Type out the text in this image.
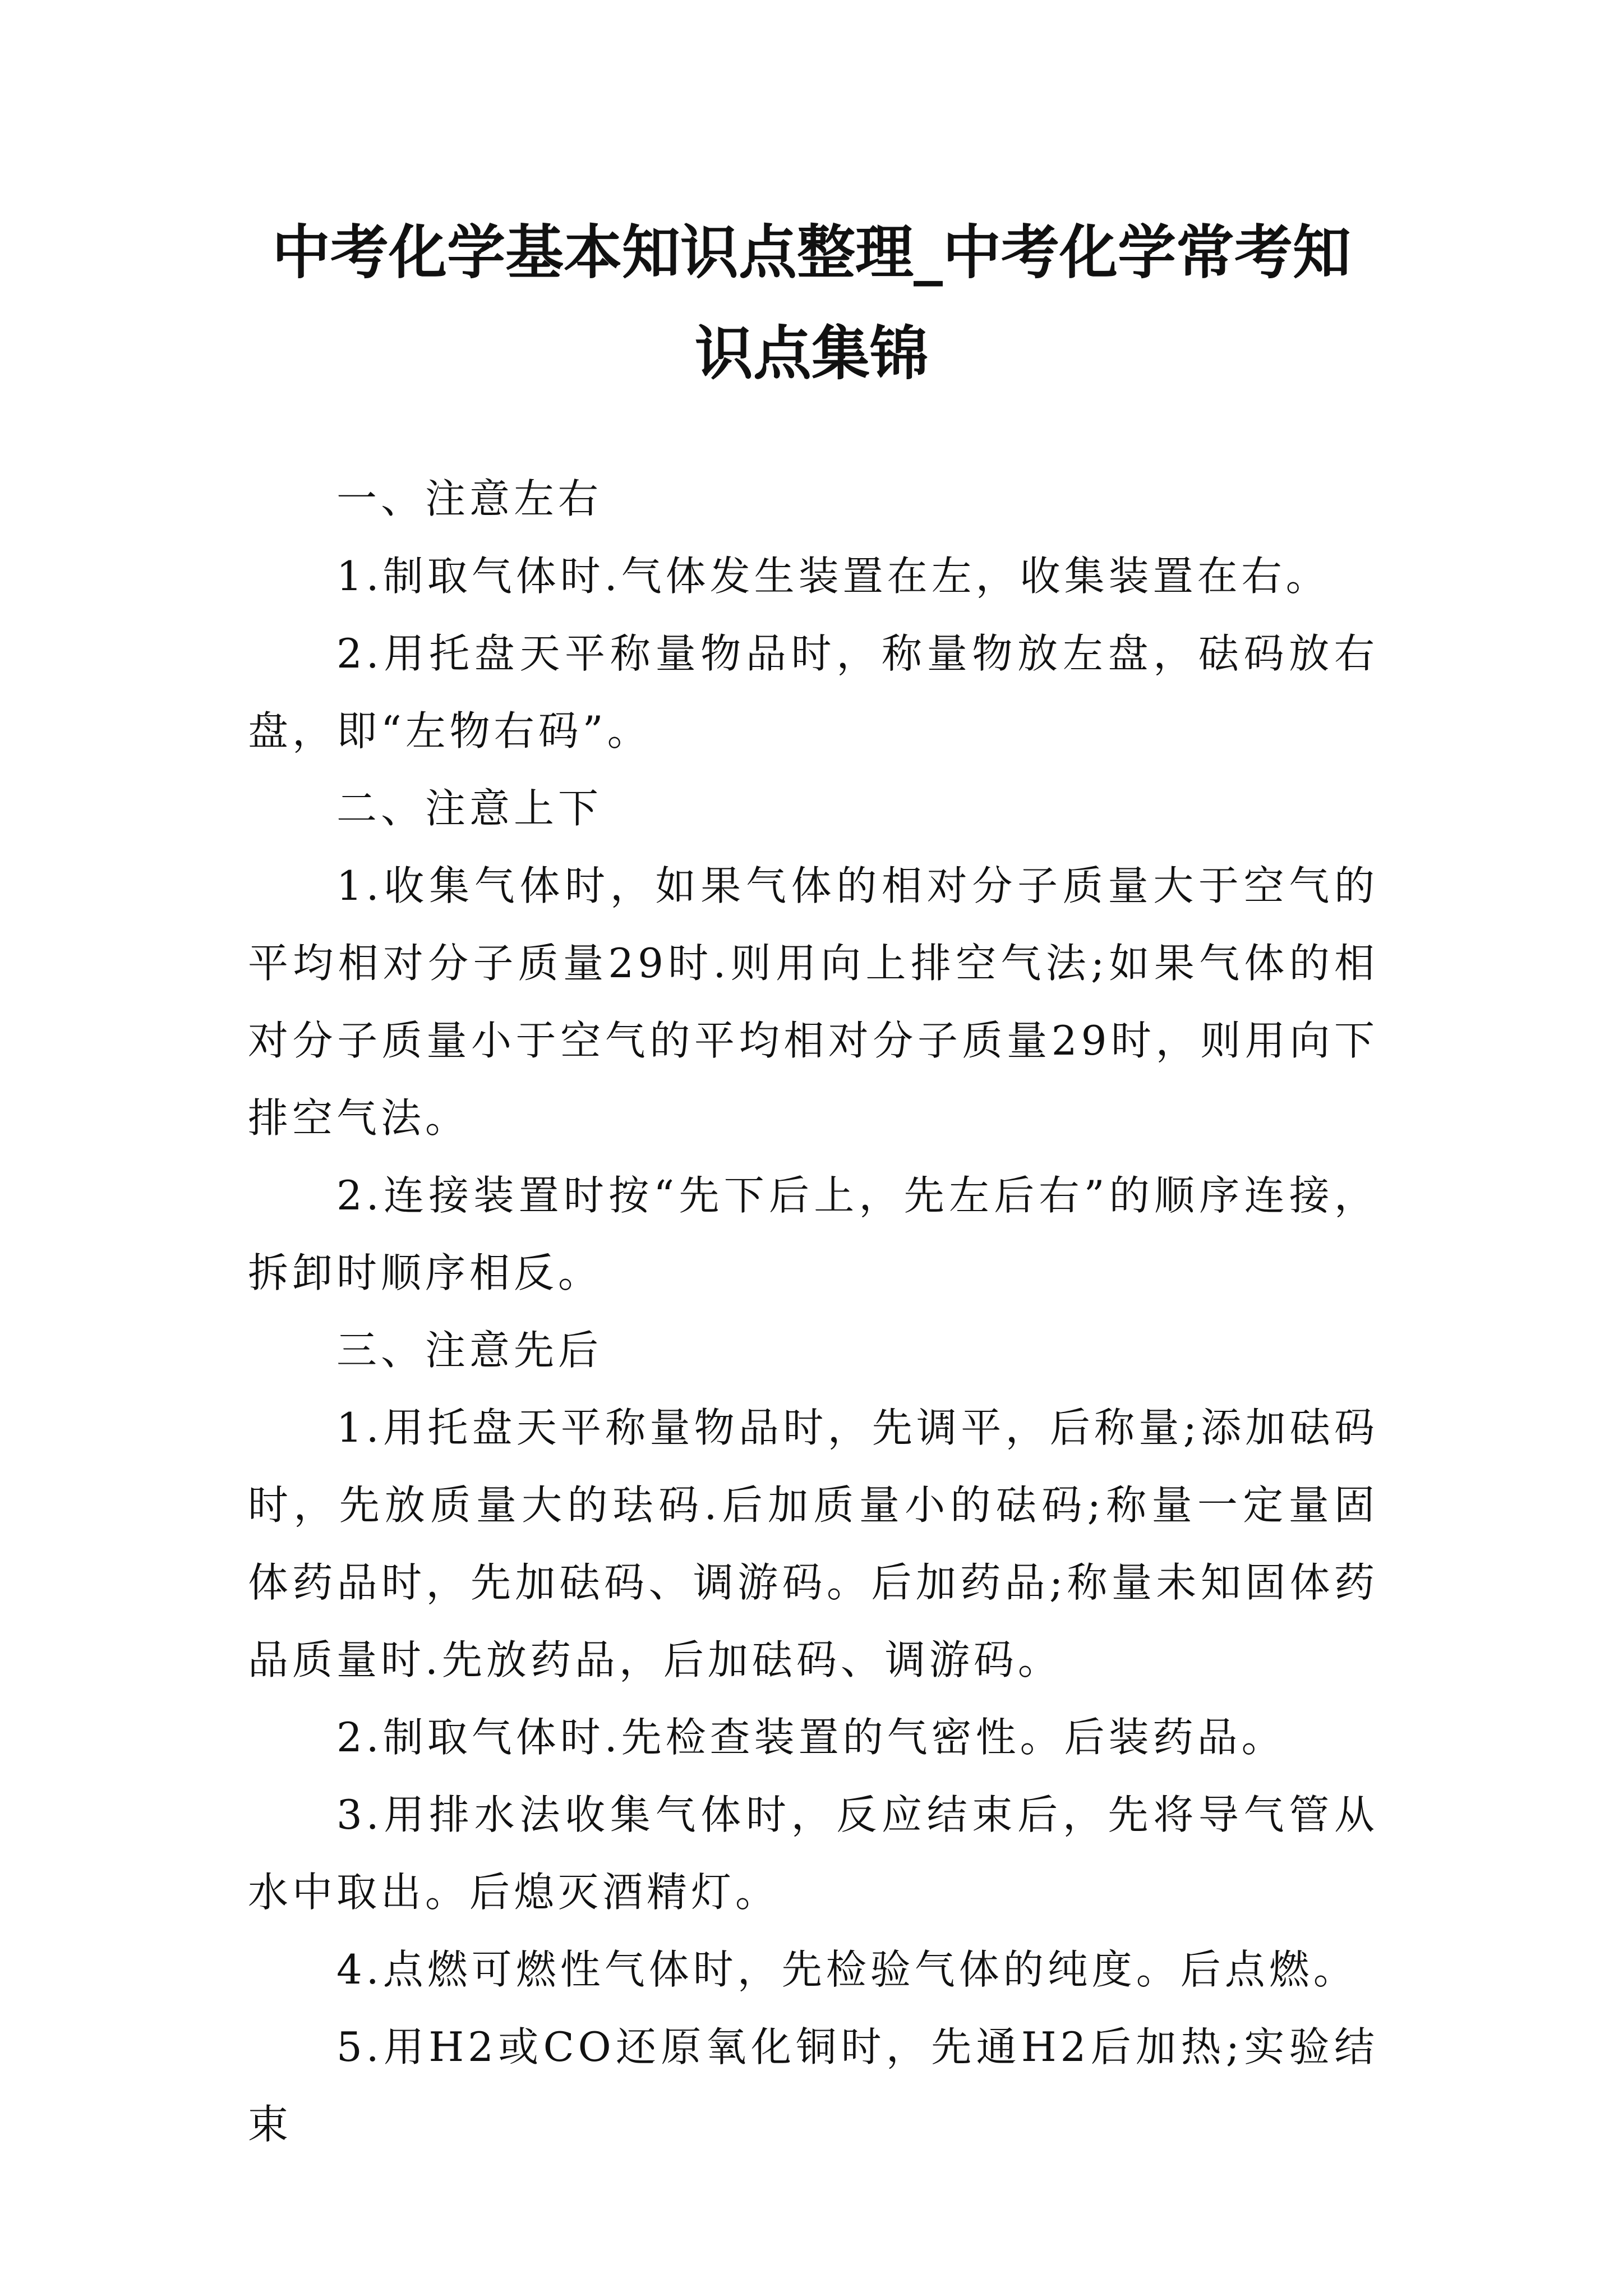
中考化学基本知识点整理_中考化学常考知
识点集锦

一、注意左右

1.制取气体时.气体发生装置在左，收集装置在右。

2.用托盘天平称量物品时，称量物放左盘，砝码放右盘，即“左物右码”。

二、注意上下

1.收集气体时，如果气体的相对分子质量大于空气的平均相对分子质量29时.则用向上排空气法;如果气体的相对分子质量小于空气的平均相对分子质量29时，则用向下排空气法。

2.连接装置时按“先下后上，先左后右”的顺序连接，拆卸时顺序相反。

三、注意先后

1.用托盘天平称量物品时，先调平，后称量;添加砝码时，先放质量大的珐码.后加质量小的砝码;称量一定量固体药品时，先加砝码、调游码。后加药品;称量未知固体药品质量时.先放药品，后加砝码、调游码。

2.制取气体时.先检查装置的气密性。后装药品。

3.用排水法收集气体时，反应结束后，先将导气管从水中取出。后熄灭酒精灯。

4.点燃可燃性气体时，先检验气体的纯度。后点燃。

5.用H2或CO还原氧化铜时，先通H2后加热;实验结束
